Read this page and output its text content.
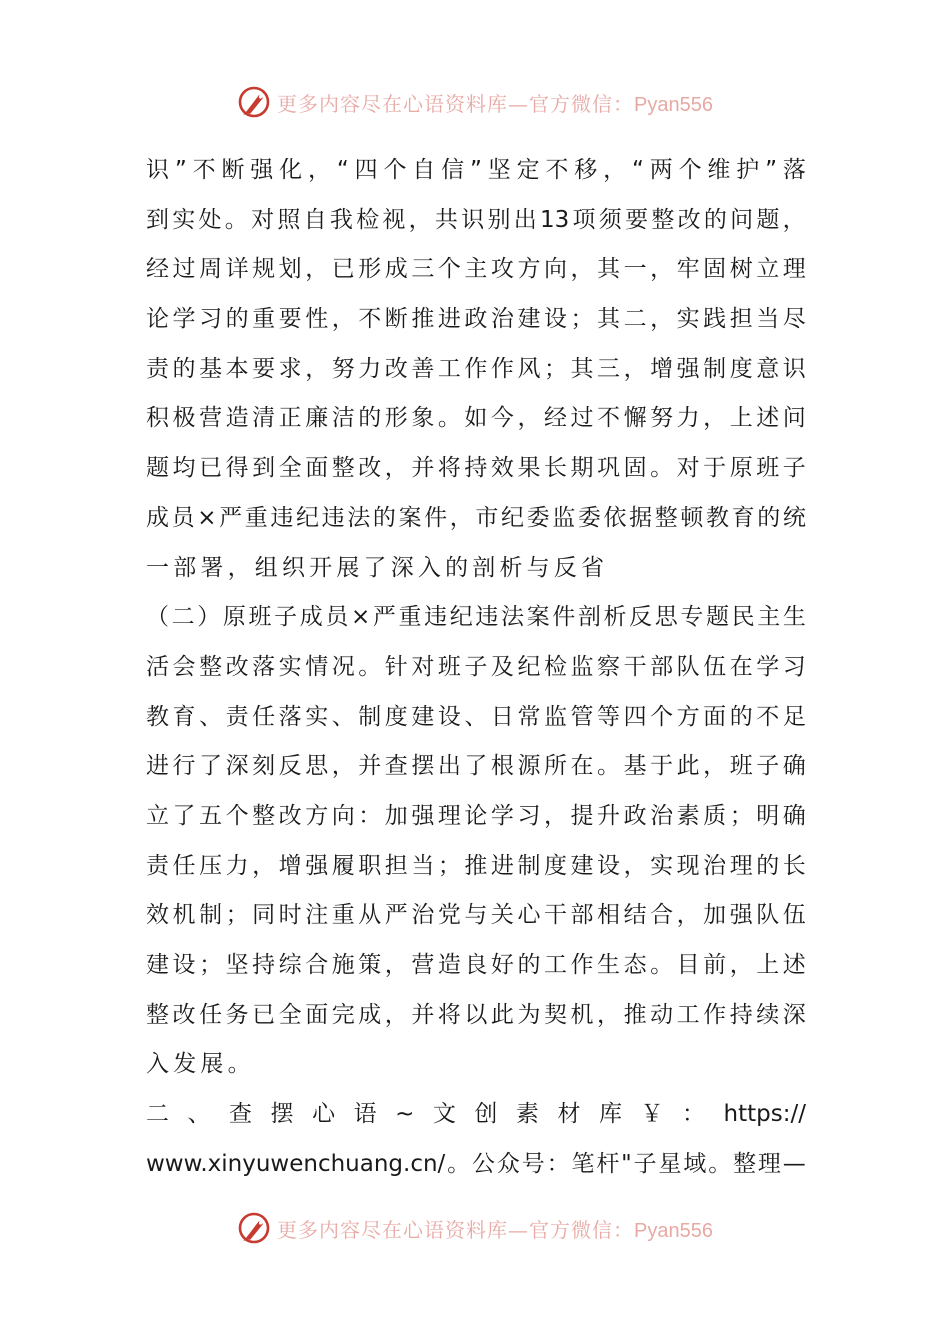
更多内容尽在心语资料库—官方微信：Pyan556
识 ” 不 断 强 化 ， “ 四 个 自 信 ” 坚 定 不 移 ， “ 两 个 维 护 ” 落
到 实 处 。 对 照 自 我 检 视 ， 共 识 别 出 13 项 须 要 整 改 的 问 题 ，
经 过 周 详 规 划 ， 已 形 成 三 个 主 攻 方 向 ， 其 一 ， 牢 固 树 立 理
论 学 习 的 重 要 性 ， 不 断 推 进 政 治 建 设 ； 其 二 ， 实 践 担 当 尽
责 的 基 本 要 求 ， 努 力 改 善 工 作 作 风 ； 其 三 ， 增 强 制 度 意 识
积 极 营 造 清 正 廉 洁 的 形 象 。 如 今 ， 经 过 不 懈 努 力 ， 上 述 问
题 均 已 得 到 全 面 整 改 ， 并 将 持 效 果 长 期 巩 固 。 对 于 原 班 子
成 员 × 严 重 违 纪 违 法 的 案 件 ， 市 纪 委 监 委 依 据 整 顿 教 育 的 统
一 部 署 ， 组 织 开 展 了 深 入 的 剖 析 与 反 省
（ 二 ） 原 班 子 成 员 × 严 重 违 纪 违 法 案 件 剖 析 反 思 专 题 民 主 生
活 会 整 改 落 实 情 况 。 针 对 班 子 及 纪 检 监 察 干 部 队 伍 在 学 习
教 育 、 责 任 落 实 、 制 度 建 设 、 日 常 监 管 等 四 个 方 面 的 不 足
进 行 了 深 刻 反 思 ， 并 查 摆 出 了 根 源 所 在 。 基 于 此 ， 班 子 确
立 了 五 个 整 改 方 向 ： 加 强 理 论 学 习 ， 提 升 政 治 素 质 ； 明 确
责 任 压 力 ， 增 强 履 职 担 当 ； 推 进 制 度 建 设 ， 实 现 治 理 的 长
效 机 制 ； 同 时 注 重 从 严 治 党 与 关 心 干 部 相 结 合 ， 加 强 队 伍
建 设 ； 坚 持 综 合 施 策 ， 营 造 良 好 的 工 作 生 态 。 目 前 ， 上 述
整 改 任 务 已 全 面 完 成 ， 并 将 以 此 为 契 机 ， 推 动 工 作 持 续 深
入 发 展 。
二 、 查 摆 心 语 ~ 文 创 素 材 库 ￥ ： https://
www.xinyuwenchuang.cn/ 。 公 众 号 ： 笔 杆 " 子 星 域 。 整 理 —
更多内容尽在心语资料库—官方微信：Pyan556
